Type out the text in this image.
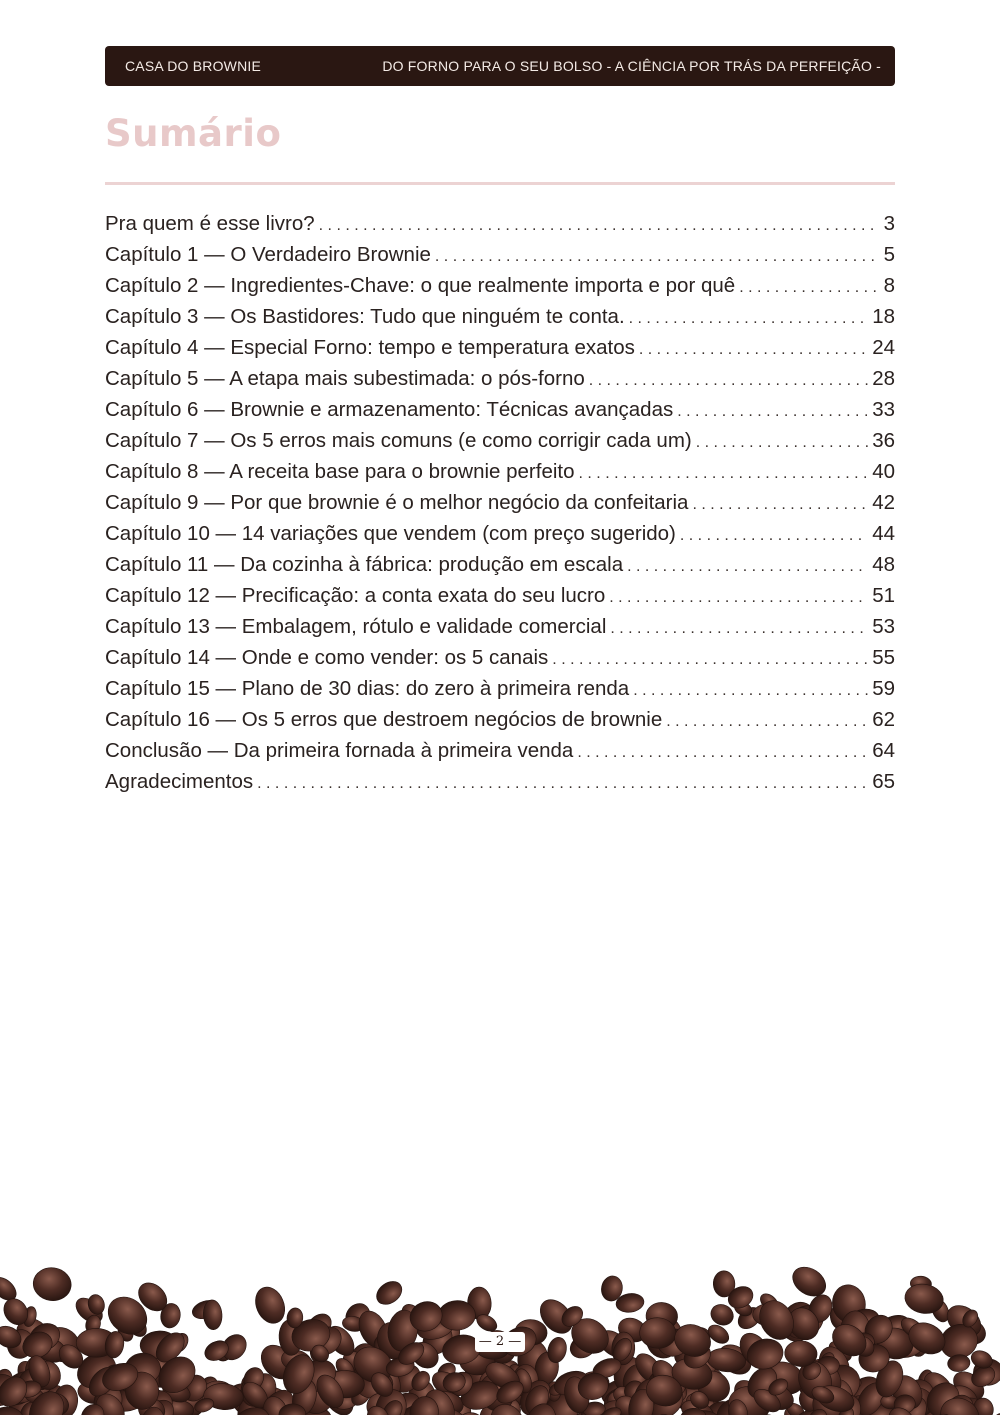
CASA DO BROWNIE	DO FORNO PARA O SEU BOLSO - A CIÊNCIA POR TRÁS DA PERFEIÇÃO -
Sumário
Pra quem é esse livro? . . .	3
Capítulo 1 — O Verdadeiro Brownie . . .	5
Capítulo 2 — Ingredientes-Chave: o que realmente importa e por quê . . .	8
Capítulo 3 — Os Bastidores: Tudo que ninguém te conta. . . .	18
Capítulo 4 — Especial Forno: tempo e temperatura exatos . . .	24
Capítulo 5 — A etapa mais subestimada: o pós-forno . . .	28
Capítulo 6 — Brownie e armazenamento: Técnicas avançadas . . .	33
Capítulo 7 — Os 5 erros mais comuns (e como corrigir cada um) . . .	36
Capítulo 8 — A receita base para o brownie perfeito . . .	40
Capítulo 9 — Por que brownie é o melhor negócio da confeitaria . . .	42
Capítulo 10 — 14 variações que vendem (com preço sugerido) . . .	44
Capítulo 11 — Da cozinha à fábrica: produção em escala . . .	48
Capítulo 12 — Precificação: a conta exata do seu lucro . . .	51
Capítulo 13 — Embalagem, rótulo e validade comercial . . .	53
Capítulo 14 — Onde e como vender: os 5 canais . . .	55
Capítulo 15 — Plano de 30 dias: do zero à primeira renda . . .	59
Capítulo 16 — Os 5 erros que destroem negócios de brownie . . .	62
Conclusão — Da primeira fornada à primeira venda . . .	64
Agradecimentos . . .	65
— 2 —
